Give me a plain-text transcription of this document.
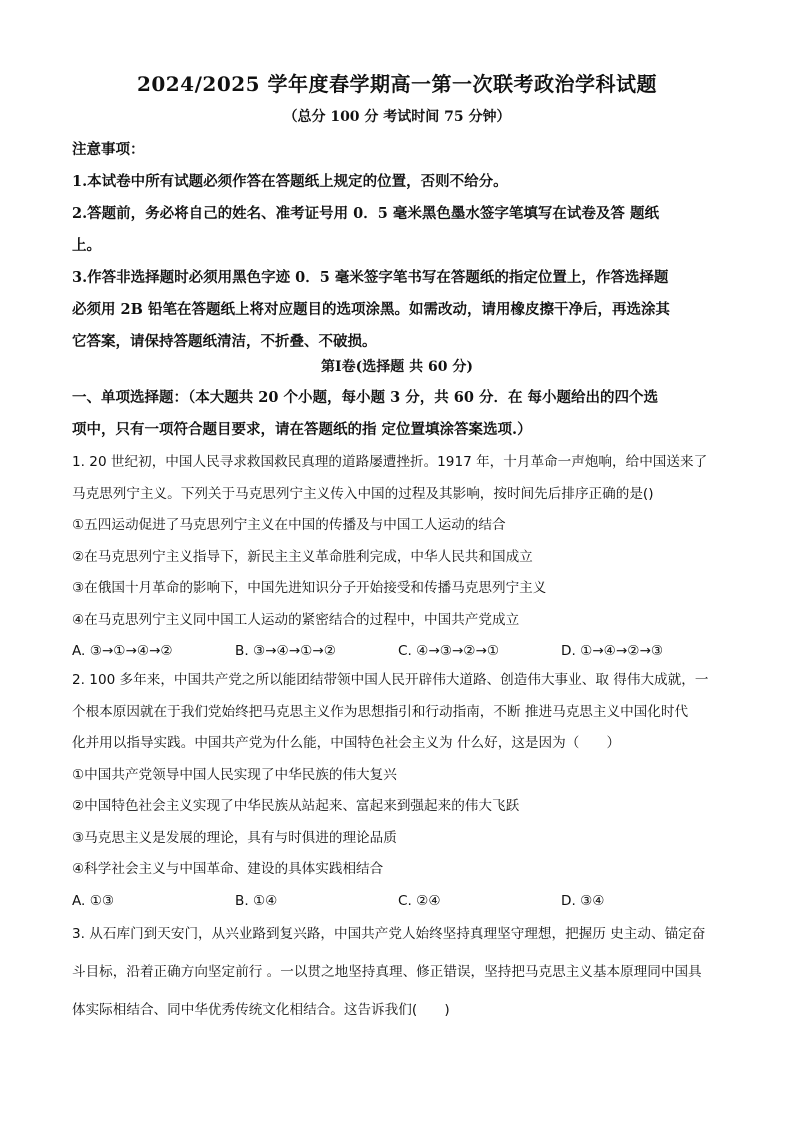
2024/2025 学年度春学期高一第一次联考政治学科试题
（总分 100 分 考试时间 75 分钟）
注意事项：
1.本试卷中所有试题必须作答在答题纸上规定的位置，否则不给分。
2.答题前，务必将自己的姓名、准考证号用 0．5 毫米黑色墨水签字笔填写在试卷及答 题纸
上。
3.作答非选择题时必须用黑色字迹 0．5 毫米签字笔书写在答题纸的指定位置上，作答选择题
必须用 2B 铅笔在答题纸上将对应题目的选项涂黑。如需改动，请用橡皮擦干净后，再选涂其
它答案，请保持答题纸清洁，不折叠、不破损。
第Ⅰ卷(选择题 共 60 分)
一、单项选择题：（本大题共 20 个小题，每小题 3 分，共 60 分．在 每小题给出的四个选
项中，只有一项符合题目要求，请在答题纸的指 定位置填涂答案选项.）
1. 20 世纪初，中国人民寻求救国救民真理的道路屡遭挫折。1917 年，十月革命一声炮响，给中国送来了
马克思列宁主义。下列关于马克思列宁主义传入中国的过程及其影响，按时间先后排序正确的是()
①五四运动促进了马克思列宁主义在中国的传播及与中国工人运动的结合
②在马克思列宁主义指导下，新民主主义革命胜利完成，中华人民共和国成立
③在俄国十月革命的影响下，中国先进知识分子开始接受和传播马克思列宁主义
④在马克思列宁主义同中国工人运动的紧密结合的过程中，中国共产党成立
A. ③→①→④→②	B. ③→④→①→②	C. ④→③→②→①	D. ①→④→②→③
2. 100 多年来，中国共产党之所以能团结带领中国人民开辟伟大道路、创造伟大事业、取 得伟大成就，一
个根本原因就在于我们党始终把马克思主义作为思想指引和行动指南，不断 推进马克思主义中国化时代
化并用以指导实践。中国共产党为什么能，中国特色社会主义为 什么好，这是因为（　　）
①中国共产党领导中国人民实现了中华民族的伟大复兴
②中国特色社会主义实现了中华民族从站起来、富起来到强起来的伟大飞跃
③马克思主义是发展的理论，具有与时俱进的理论品质
④科学社会主义与中国革命、建设的具体实践相结合
A. ①③	B. ①④	C. ②④	D. ③④
3. 从石库门到天安门，从兴业路到复兴路，中国共产党人始终坚持真理坚守理想，把握历 史主动、锚定奋
斗目标，沿着正确方向坚定前行 。一以贯之地坚持真理、修正错误，坚持把马克思主义基本原理同中国具
体实际相结合、同中华优秀传统文化相结合。这告诉我们(　　)
